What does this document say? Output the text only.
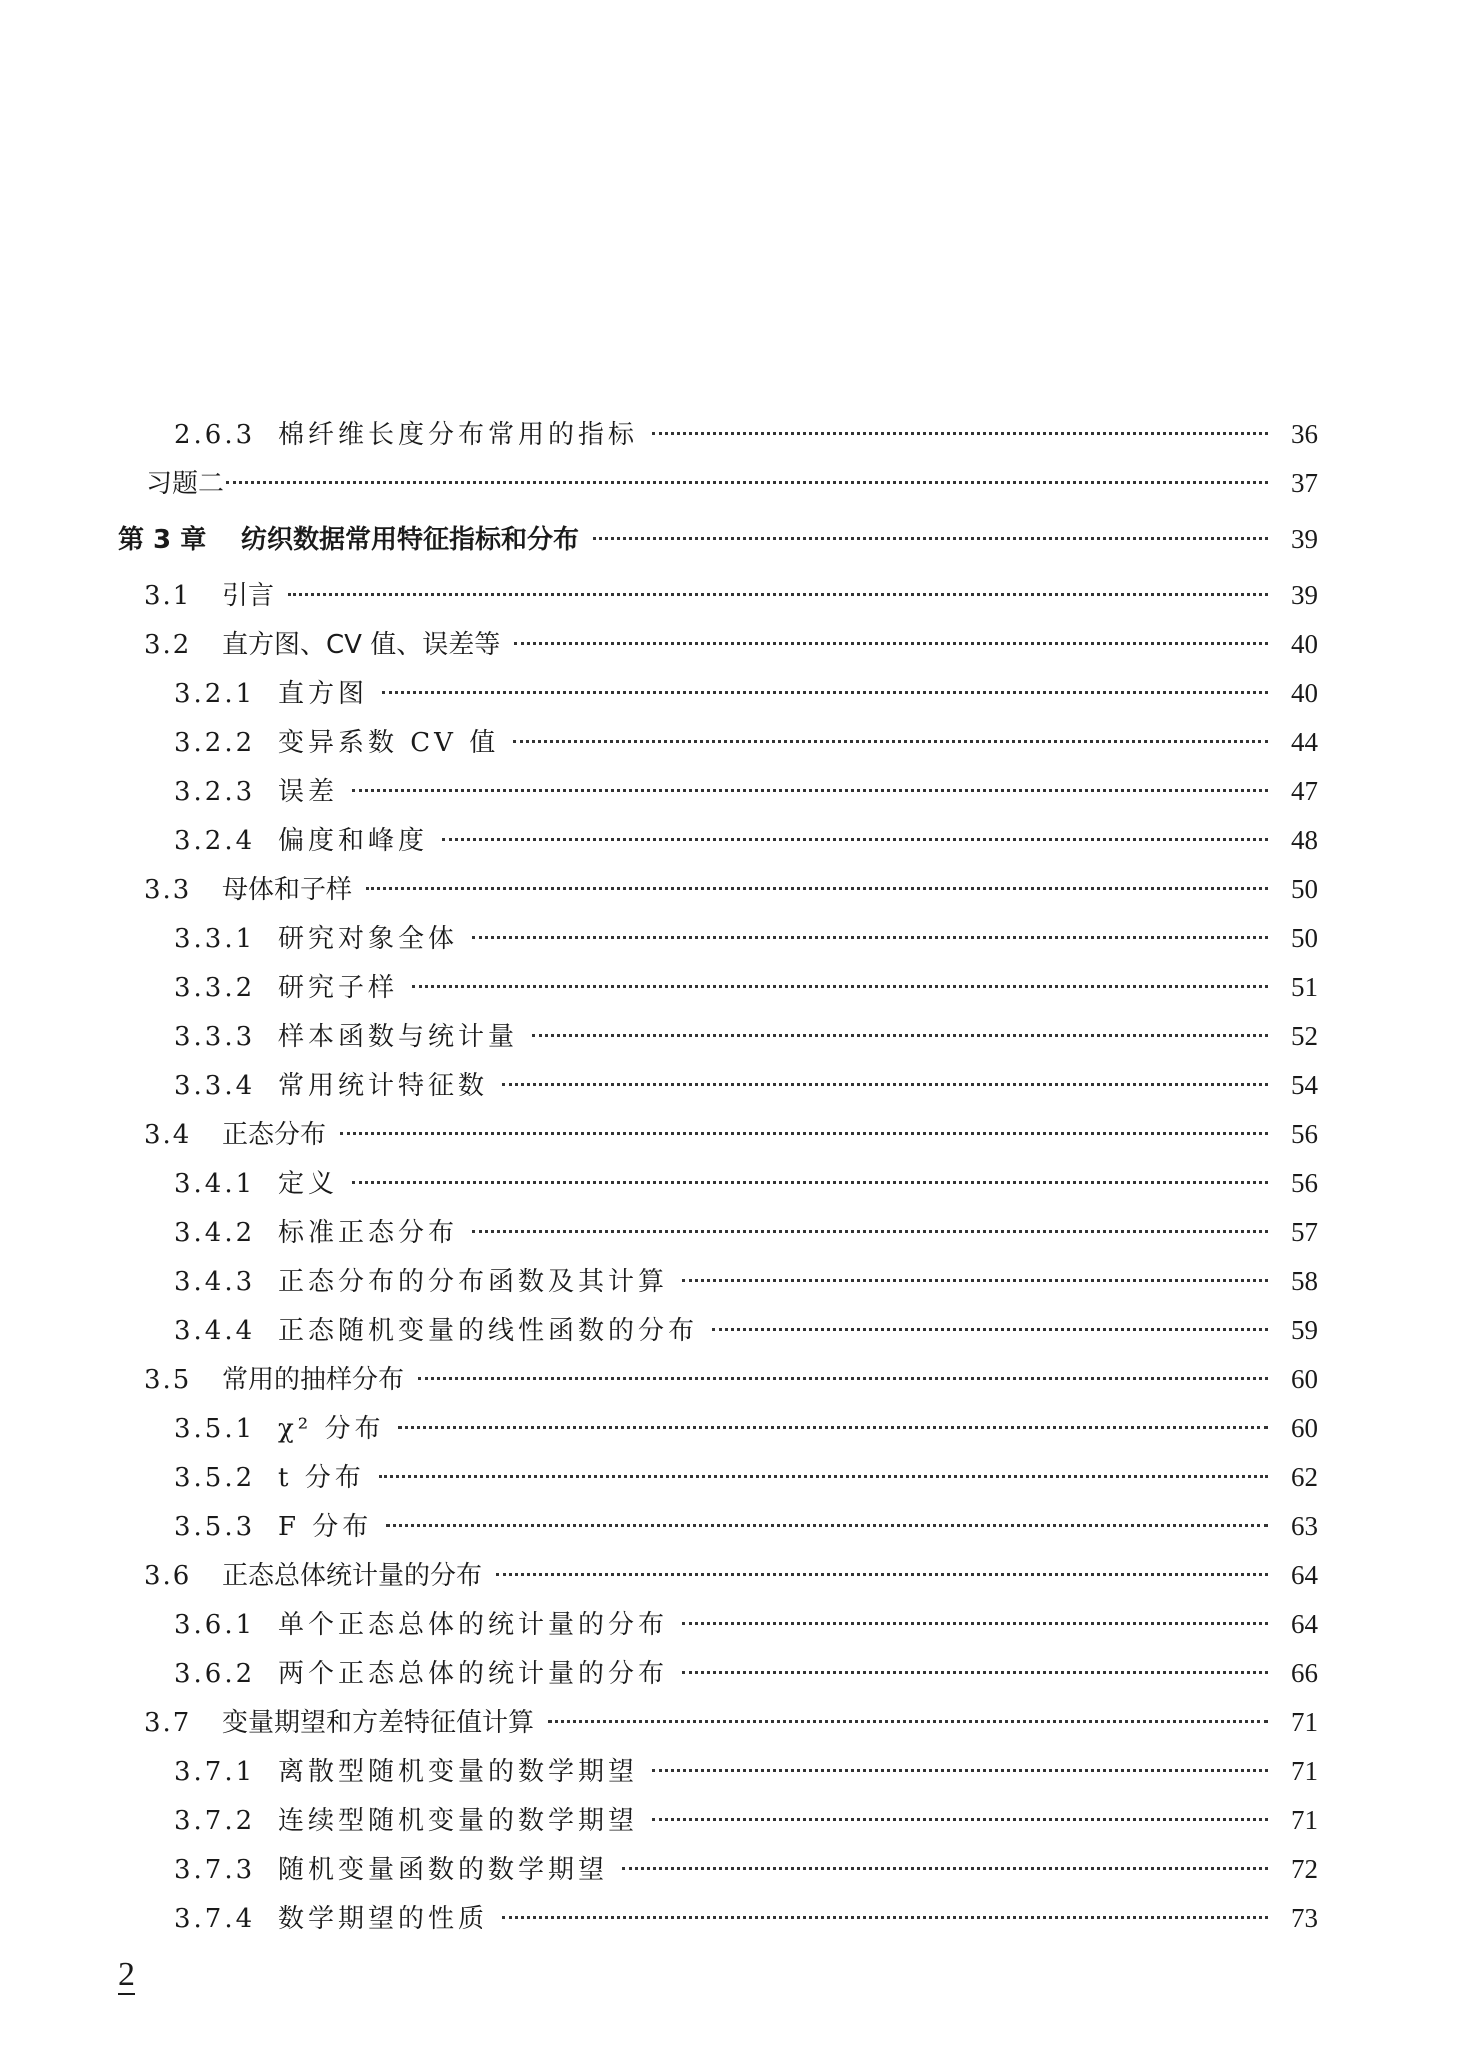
2.6.3 棉纤维长度分布常用的指标	36
习题二	37
第 3 章	纺织数据常用特征指标和分布	39
3.1	引言	39
3.2	直方图、CV 值、误差等	40
3.2.1 直方图	40
3.2.2 变异系数 CV 值	44
3.2.3 误差	47
3.2.4 偏度和峰度	48
3.3	母体和子样	50
3.3.1 研究对象全体	50
3.3.2 研究子样	51
3.3.3 样本函数与统计量	52
3.3.4 常用统计特征数	54
3.4	正态分布	56
3.4.1 定义	56
3.4.2 标准正态分布	57
3.4.3 正态分布的分布函数及其计算	58
3.4.4 正态随机变量的线性函数的分布	59
3.5	常用的抽样分布	60
3.5.1 χ² 分布	60
3.5.2 t 分布	62
3.5.3 F 分布	63
3.6	正态总体统计量的分布	64
3.6.1 单个正态总体的统计量的分布	64
3.6.2 两个正态总体的统计量的分布	66
3.7	变量期望和方差特征值计算	71
3.7.1 离散型随机变量的数学期望	71
3.7.2 连续型随机变量的数学期望	71
3.7.3 随机变量函数的数学期望	72
3.7.4 数学期望的性质	73
2
